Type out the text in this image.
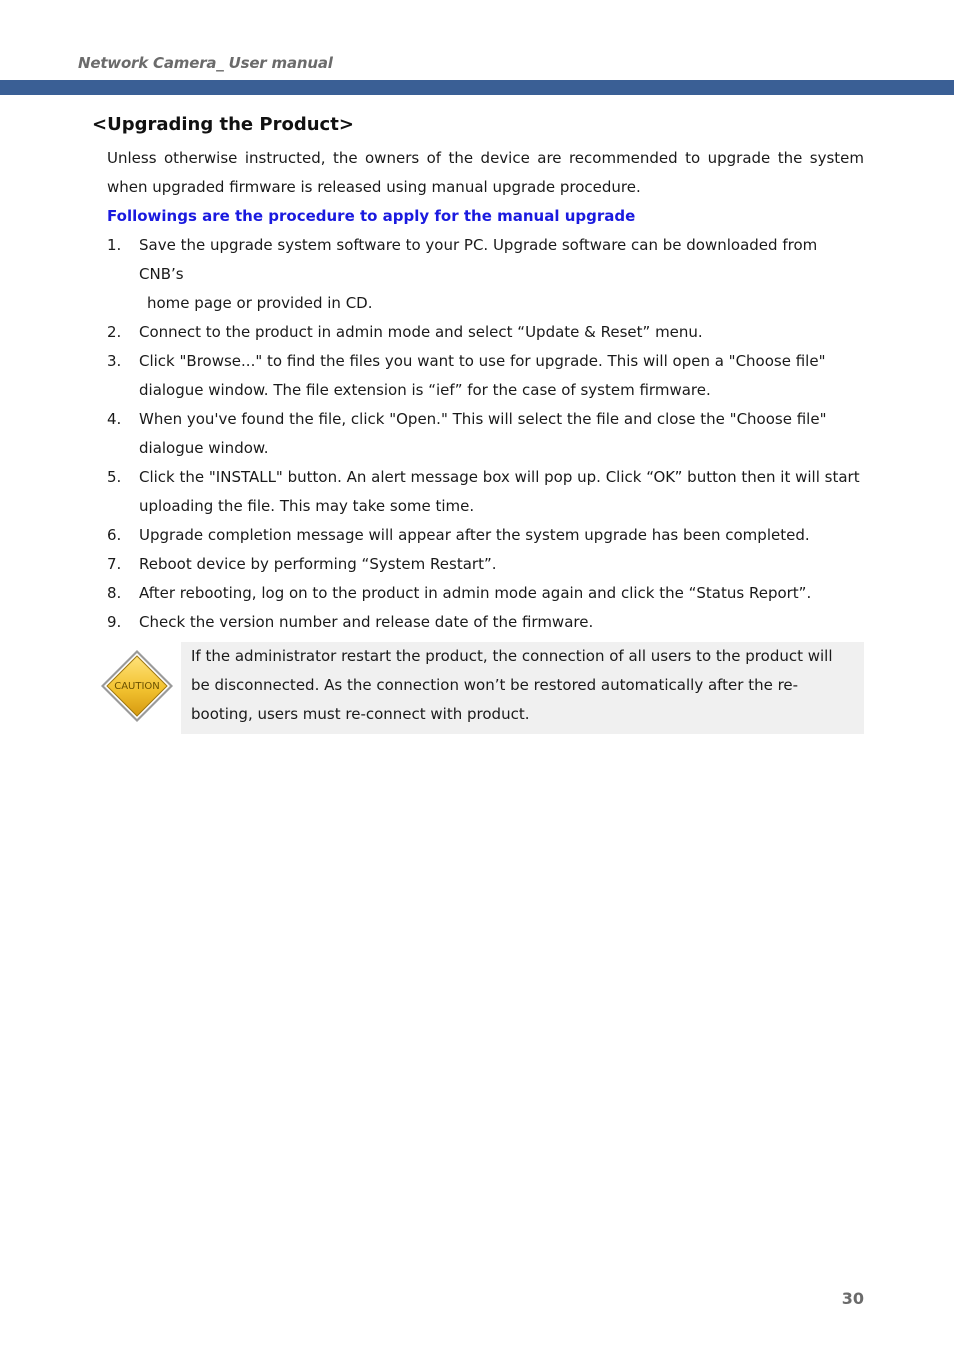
Network Camera_ User manual
<Upgrading the Product>

Unless otherwise instructed, the owners of the device are recommended to upgrade the system when upgraded firmware is released using manual upgrade procedure.

Followings are the procedure to apply for the manual upgrade

1.	Save the upgrade system software to your PC. Upgrade software can be downloaded from CNB’s
home page or provided in CD.
2.	Connect to the product in admin mode and select “Update & Reset” menu.
3.	Click "Browse..." to find the files you want to use for upgrade. This will open a "Choose file" dialogue window. The file extension is “ief” for the case of system firmware.
4.	When you've found the file, click "Open." This will select the file and close the "Choose file" dialogue window.
5.	Click the "INSTALL" button. An alert message box will pop up. Click “OK” button then it will start uploading the file. This may take some time.
6.	Upgrade completion message will appear after the system upgrade has been completed.
7.	Reboot device by performing “System Restart”.
8.	After rebooting, log on to the product in admin mode again and click the “Status Report”.
9.	Check the version number and release date of the firmware.
CAUTION

If the administrator restart the product, the connection of all users to the product will be disconnected. As the connection won’t be restored automatically after the re-booting, users must re-connect with product.

30
